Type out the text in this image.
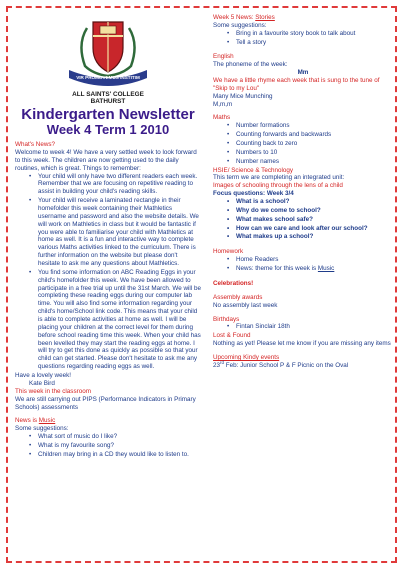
VIR PROMOVEMUS INSTITIM
ALL SAINTS' COLLEGE
BATHURST
Kindergarten Newsletter
Week 4 Term 1 2010

What's News?

Welcome to week 4! We have a very settled week to look forward to this week. The children are now getting used to the daily routines, which is great. Things to remember:

• Your child will only have two different readers each week. Remember that we are focusing on repetitive reading to assist in building your child's reading skills.
• Your child will receive a laminated rectangle in their homefolder this week containing their Mathletics username and password and also the website details. We will work on Mathletics in class but it would be fantastic if you were able to familiarise your child with Mathletics at home as well. It is a fun and interactive way to complete various Maths activities linked to the curriculum. There is further information on the website but please don't hesitate to ask me any questions about Mathletics.
• You find some information on ABC Reading Eggs in your child's homefolder this week. We have been allowed to participate in a free trial up until the 31st March. We will be completing these reading eggs during our computer lab time. You will also find some information regarding your child's home/School link code. This means that your child is able to complete activities at home as well. I will be placing your children at the correct level for them during before school reading time this week. When your child has been levelled they may start the reading eggs at home. I will try to get this done as quickly as possible so that your child can get started. Please don't hesitate to ask me any questions regarding reading eggs as well.

Have a lovely week!

Kate Bird

This week in the classroom

We are still carrying out PIPS (Performance Indicators in Primary Schools) assessments

News is Music

Some suggestions:

• What sort of music do I like?
• What is my favourite song?
• Children may bring in a CD they would like to listen to.

Week 5 News: Stories

Some suggestions:

• Bring in a favourite story book to talk about
• Tell a story

English

The phoneme of the week:

Mm

We have a little rhyme each week that is sung to the tune of "Skip to my Lou"

Many Mice Munching

M,m,m

Maths

• Number formations
• Counting forwards and backwards
• Counting back to zero
• Numbers to 10
• Number names

HSIE/ Science & Technology

This term we are completing an integrated unit:

Images of schooling through the lens of a child

Focus questions: Week 3/4

• What is a school?
• Why do we come to school?
• What makes school safe?
• How can we care and look after our school?
• What makes up a school?

Homework

• Home Readers
• News: theme for this week is Music

Celebrations!

Assembly awards

No assembly last week

Birthdays

• Fintan Sinclair 18th

Lost & Found

Nothing as yet! Please let me know if you are missing any items

Upcoming Kindy events

23rd Feb: Junior School P & F Picnic on the Oval
